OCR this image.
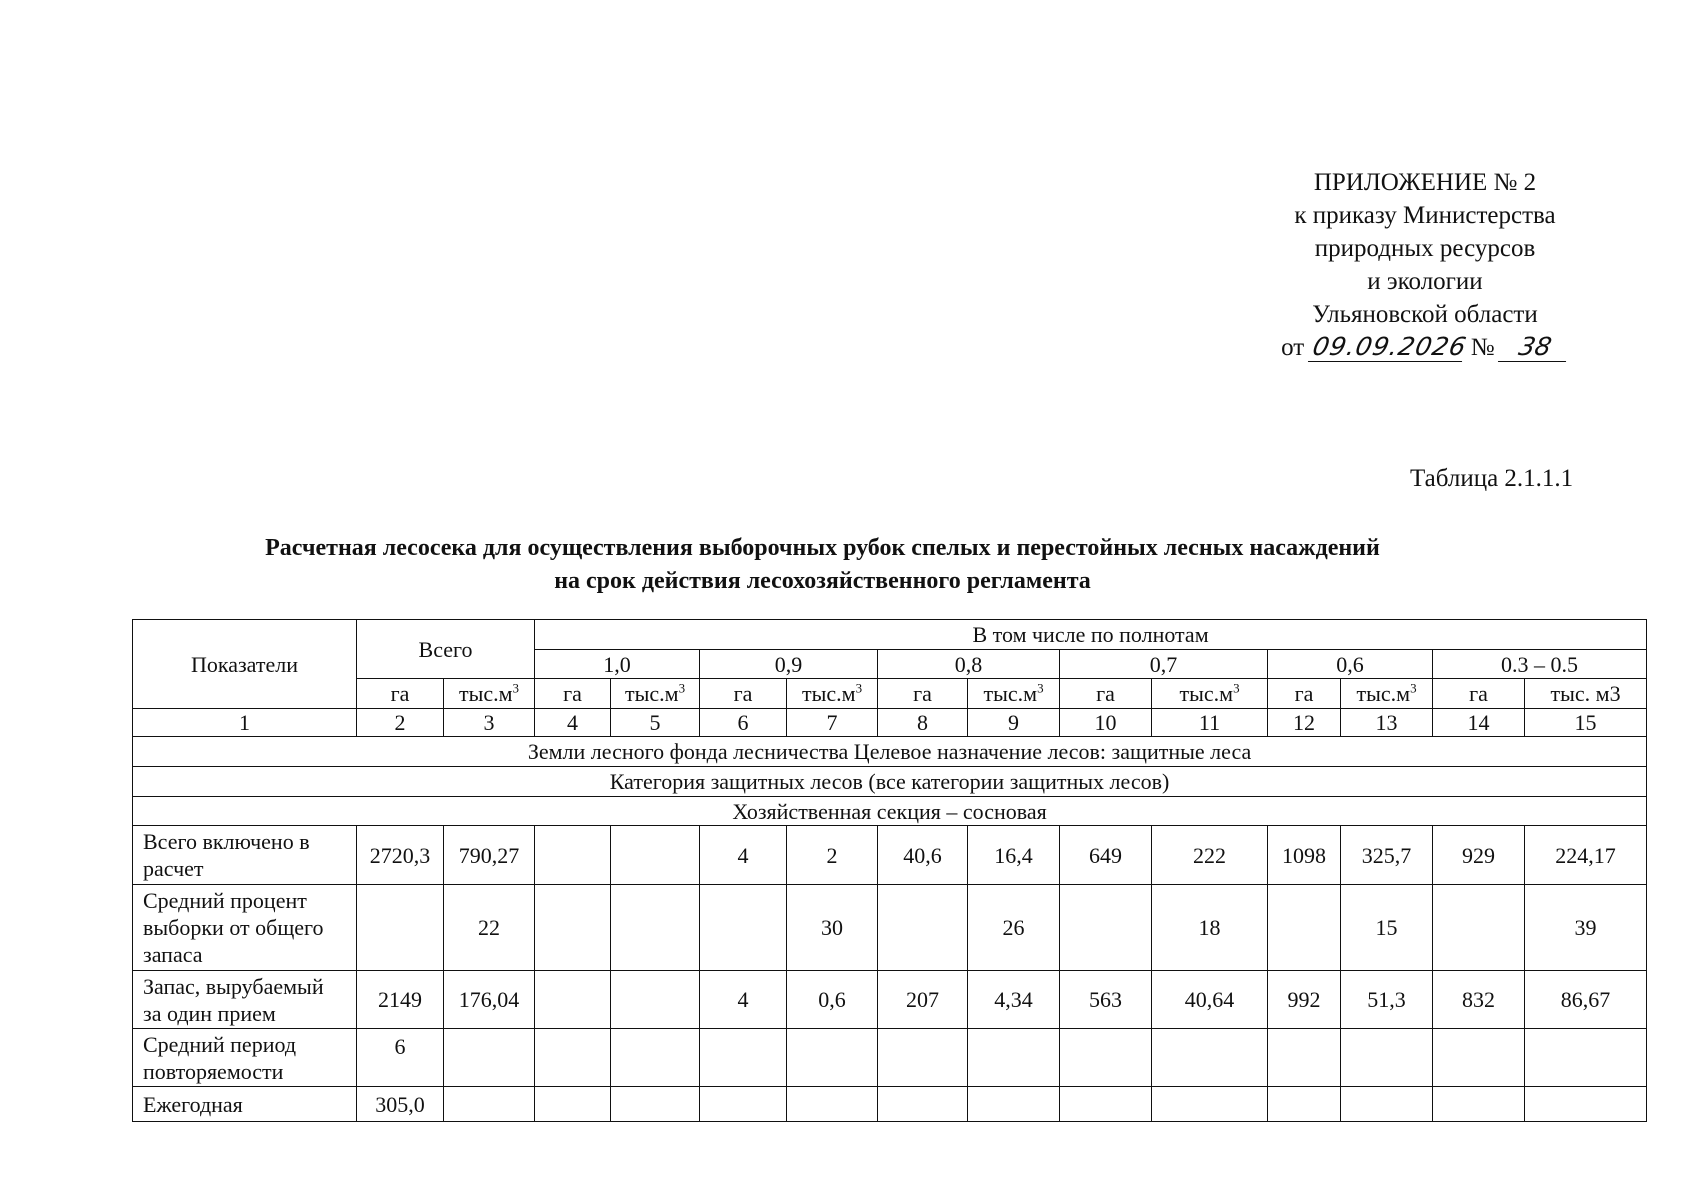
ПРИЛОЖЕНИЕ № 2
к приказу Министерства
природных ресурсов
и экологии
Ульяновской области
от 09.09.2026 № 38
Таблица 2.1.1.1
Расчетная лесосека для осуществления выборочных рубок спелых и перестойных лесных насаждений
на срок действия лесохозяйственного регламента
Показатели	Всего		В том числе по полнотам											
			1,0		0,9		0,8		0,7		0,6		0.3 – 0.5	
	га	$тыс.м^3$	га	$тыс.м^3$	га	$тыс.м^3$	га	$тыс.м^3$	га	$тыс.м^3$	га	$тыс.м^3$	га	тыс. м3
1	2	3	4	5	6	7	8	9	10	11	12	13	14	15
Земли лесного фонда лесничества Целевое назначение лесов: защитные леса														
Категория защитных лесов (все категории защитных лесов)														
Хозяйственная секция – сосновая														

Всего включено в
расчет	2720,3	790,27			4	2	40,6	16,4	649	222	1098	325,7	929	224,17

Средний процент
выборки от общего
запаса		22				30		26		18		15		39

Запас, вырубаемый
за один прием	2149	176,04			4	0,6	207	4,34	563	40,64	992	51,3	832	86,67

Средний период
повторяемости	6													

Ежегодная	305,0													
